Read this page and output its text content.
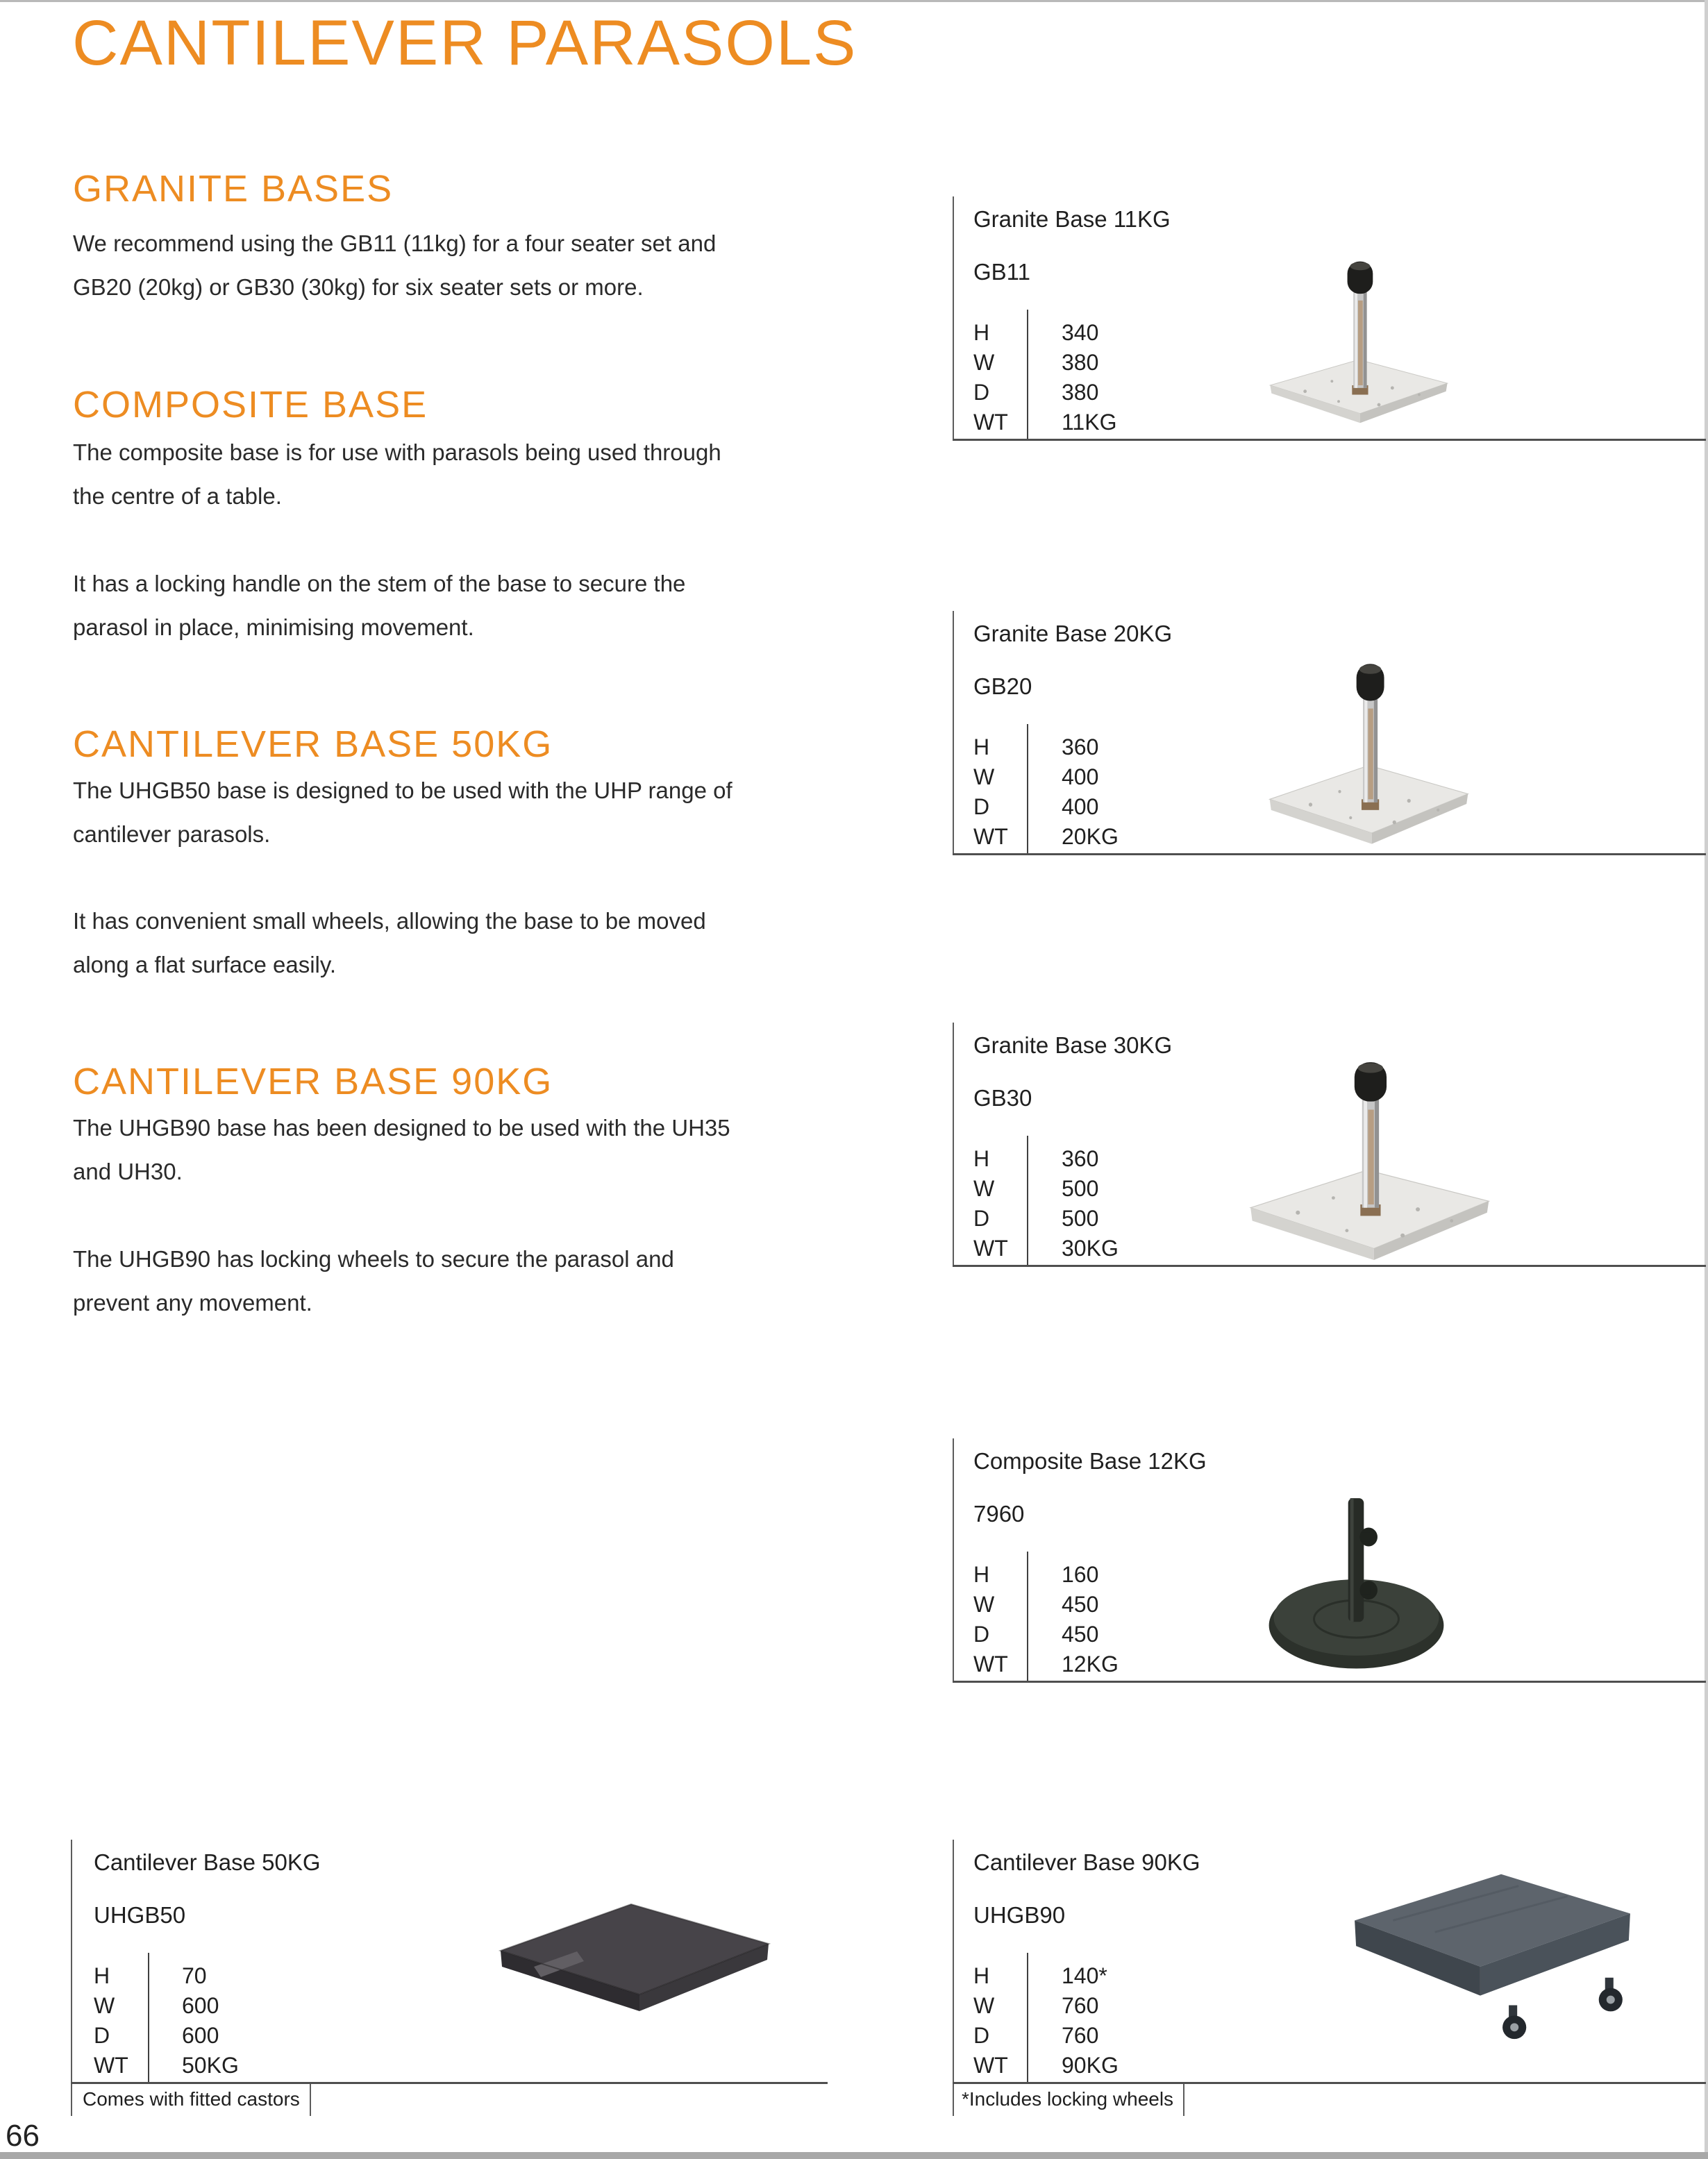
CANTILEVER PARASOLS
GRANITE BASES
We recommend using the GB11 (11kg) for a four seater set and
GB20 (20kg) or GB30 (30kg) for six seater sets or more.
COMPOSITE BASE
The composite base is for use with parasols being used through
the centre of a table.
It has a locking handle on the stem of the base to secure the
parasol in place, minimising movement.
CANTILEVER BASE 50KG
The UHGB50 base is designed to be used with the UHP range of
cantilever parasols.
It has convenient small wheels, allowing the base to be moved
along a flat surface easily.
CANTILEVER BASE 90KG
The UHGB90 base has been designed to be used with the UH35
and UH30.
The UHGB90 has locking wheels to secure the parasol and
prevent any movement.
Granite Base 11KG
GB11
H	340
W	380
D	380
WT	11KG
Granite Base 20KG
GB20
H	360
W	400
D	400
WT	20KG
Granite Base 30KG
GB30
H	360
W	500
D	500
WT	30KG
Composite Base 12KG
7960
H	160
W	450
D	450
WT	12KG
Cantilever Base 50KG
UHGB50
H	70
W	600
D	600
WT	50KG
Comes with fitted castors
Cantilever Base 90KG
UHGB90
H	140*
W	760
D	760
WT	90KG
*Includes locking wheels
66
